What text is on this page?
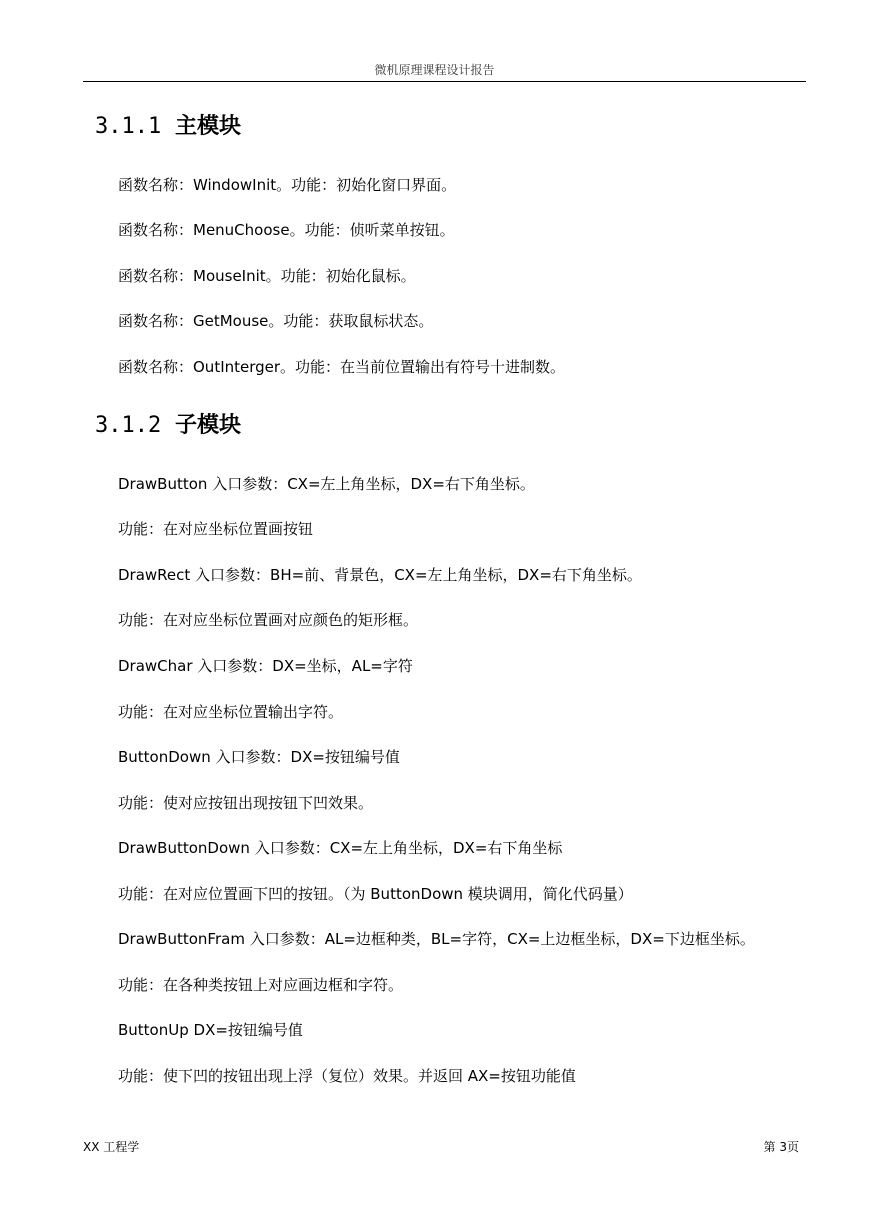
微机原理课程设计报告
3.1.1 主模块
函数名称：WindowInit。功能：初始化窗口界面。
函数名称：MenuChoose。功能：侦听菜单按钮。
函数名称：MouseInit。功能：初始化鼠标。
函数名称：GetMouse。功能：获取鼠标状态。
函数名称：OutInterger。功能：在当前位置输出有符号十进制数。
3.1.2 子模块
DrawButton 入口参数：CX=左上角坐标，DX=右下角坐标。
功能：在对应坐标位置画按钮
DrawRect 入口参数：BH=前、背景色，CX=左上角坐标，DX=右下角坐标。
功能：在对应坐标位置画对应颜色的矩形框。
DrawChar 入口参数：DX=坐标，AL=字符
功能：在对应坐标位置输出字符。
ButtonDown 入口参数：DX=按钮编号值
功能：使对应按钮出现按钮下凹效果。
DrawButtonDown 入口参数：CX=左上角坐标，DX=右下角坐标
功能：在对应位置画下凹的按钮。（为 ButtonDown 模块调用，简化代码量）
DrawButtonFram 入口参数：AL=边框种类，BL=字符，CX=上边框坐标，DX=下边框坐标。
功能：在各种类按钮上对应画边框和字符。
ButtonUp DX=按钮编号值
功能：使下凹的按钮出现上浮（复位）效果。并返回 AX=按钮功能值
XX 工程学	第 3页
